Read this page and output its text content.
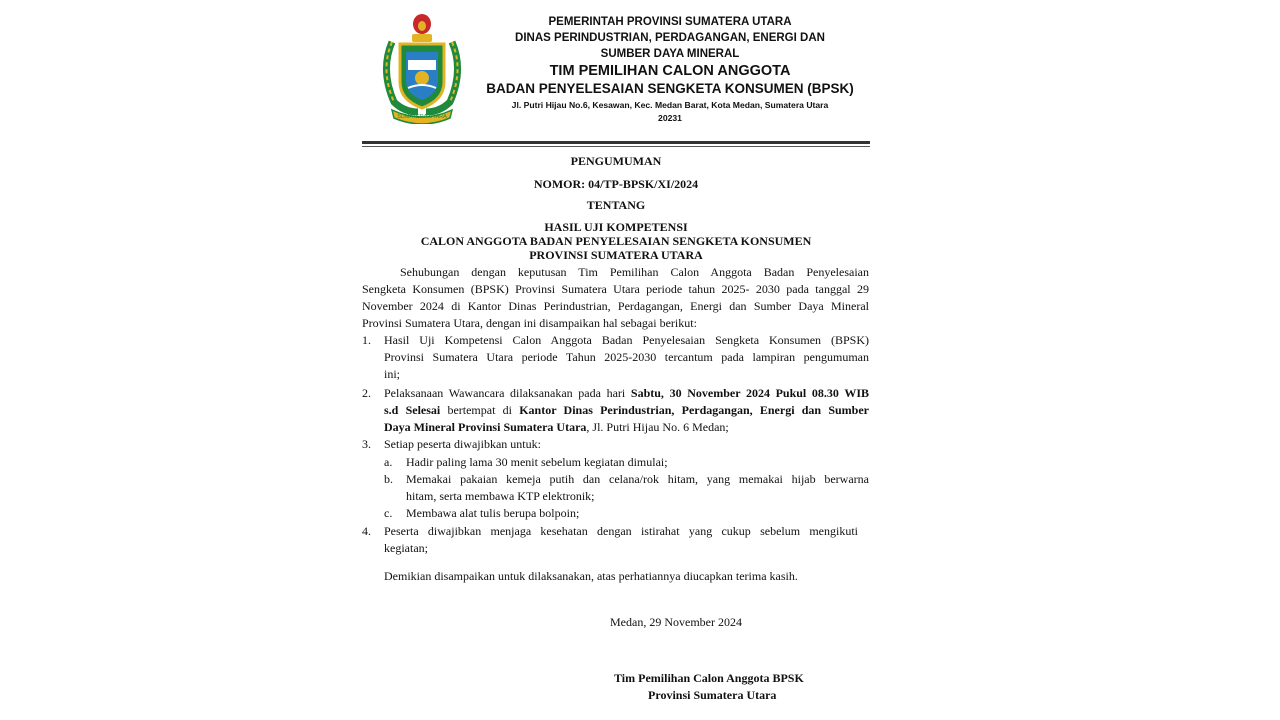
SUMATERA UTARA
PEMERINTAH PROVINSI SUMATERA UTARA
DINAS PERINDUSTRIAN, PERDAGANGAN, ENERGI DAN
SUMBER DAYA MINERAL
TIM PEMILIHAN CALON ANGGOTA
BADAN PENYELESAIAN SENGKETA KONSUMEN (BPSK)
Jl. Putri Hijau No.6, Kesawan, Kec. Medan Barat, Kota Medan, Sumatera Utara
20231
PENGUMUMAN
NOMOR: 04/TP-BPSK/XI/2024
TENTANG
HASIL UJI KOMPETENSI
CALON ANGGOTA BADAN PENYELESAIAN SENGKETA KONSUMEN
PROVINSI SUMATERA UTARA
Sehubungan dengan keputusan Tim Pemilihan Calon Anggota Badan Penyelesaian
Sengketa Konsumen (BPSK) Provinsi Sumatera Utara periode tahun 2025- 2030 pada tanggal 29
November 2024 di Kantor Dinas Perindustrian, Perdagangan, Energi dan Sumber Daya Mineral
Provinsi Sumatera Utara, dengan ini disampaikan hal sebagai berikut:
1. Hasil Uji Kompetensi Calon Anggota Badan Penyelesaian Sengketa Konsumen (BPSK)
Provinsi Sumatera Utara periode Tahun 2025-2030 tercantum pada lampiran pengumuman
ini;
2. Pelaksanaan Wawancara dilaksanakan pada hari Sabtu, 30 November 2024 Pukul 08.30 WIB
s.d Selesai bertempat di Kantor Dinas Perindustrian, Perdagangan, Energi dan Sumber
Daya Mineral Provinsi Sumatera Utara, Jl. Putri Hijau No. 6 Medan;
3. Setiap peserta diwajibkan untuk:
a. Hadir paling lama 30 menit sebelum kegiatan dimulai;
b. Memakai pakaian kemeja putih dan celana/rok hitam, yang memakai hijab berwarna
hitam, serta membawa KTP elektronik;
c. Membawa alat tulis berupa bolpoin;
4. Peserta diwajibkan menjaga kesehatan dengan istirahat yang cukup sebelum mengikuti
kegiatan;
Demikian disampaikan untuk dilaksanakan, atas perhatiannya diucapkan terima kasih.
Medan, 29 November 2024
Tim Pemilihan Calon Anggota BPSK
Provinsi Sumatera Utara
